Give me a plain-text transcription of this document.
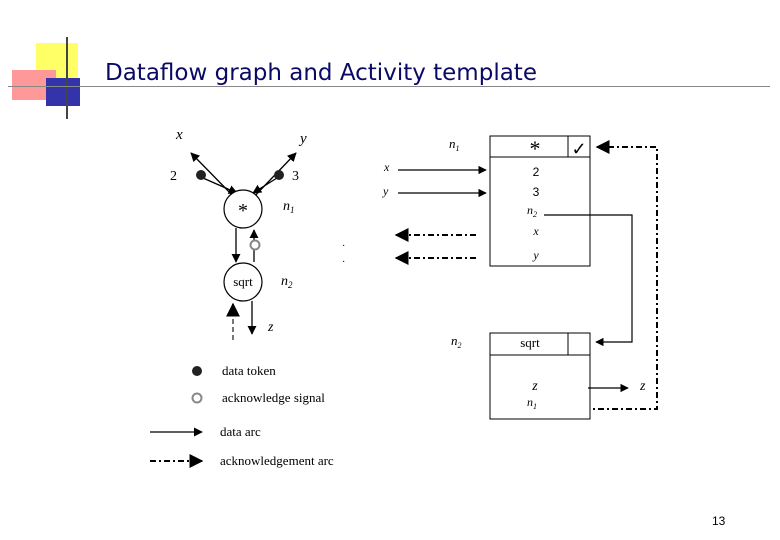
Dataflow graph and Activity template
x	y
2	3
*	$n_1$
sqrt $n_2$
z
data token
acknowledge signal
data arc
acknowledgement arc
$n_1$	* ✓
2
3
$n_2$
x
y
x
y
·
·
$n_2$	sqrt
z
$n_1$
z
13
